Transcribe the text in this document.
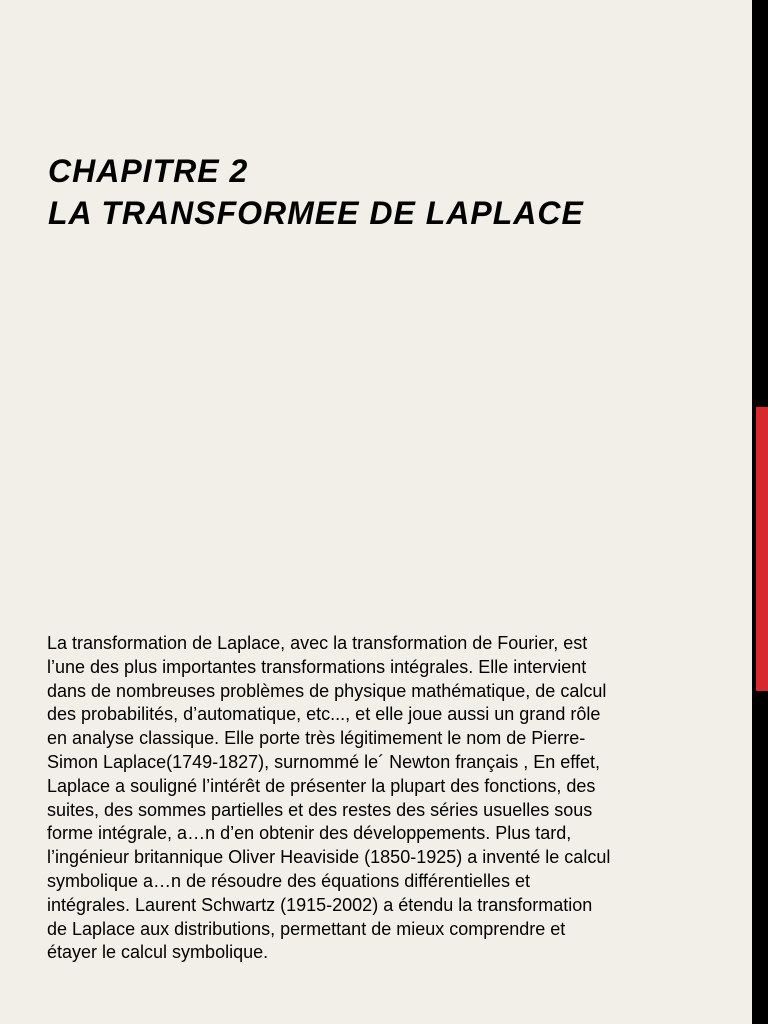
CHAPITRE 2
LA TRANSFORMEE DE LAPLACE

La transformation de Laplace, avec la transformation de Fourier, est
l’une des plus importantes transformations intégrales. Elle intervient
dans de nombreuses problèmes de physique mathématique, de calcul
des probabilités, d’automatique, etc..., et elle joue aussi un grand rôle
en analyse classique. Elle porte très légitimement le nom de Pierre-
Simon Laplace(1749-1827), surnommé le´ Newton français , En effet,
Laplace a souligné l’intérêt de présenter la plupart des fonctions, des
suites, des sommes partielles et des restes des séries usuelles sous
forme intégrale, a…n d’en obtenir des développements. Plus tard,
l’ingénieur britannique Oliver Heaviside (1850-1925) a inventé le calcul
symbolique a…n de résoudre des équations différentielles et
intégrales. Laurent Schwartz (1915-2002) a étendu la transformation
de Laplace aux distributions, permettant de mieux comprendre et
étayer le calcul symbolique.
